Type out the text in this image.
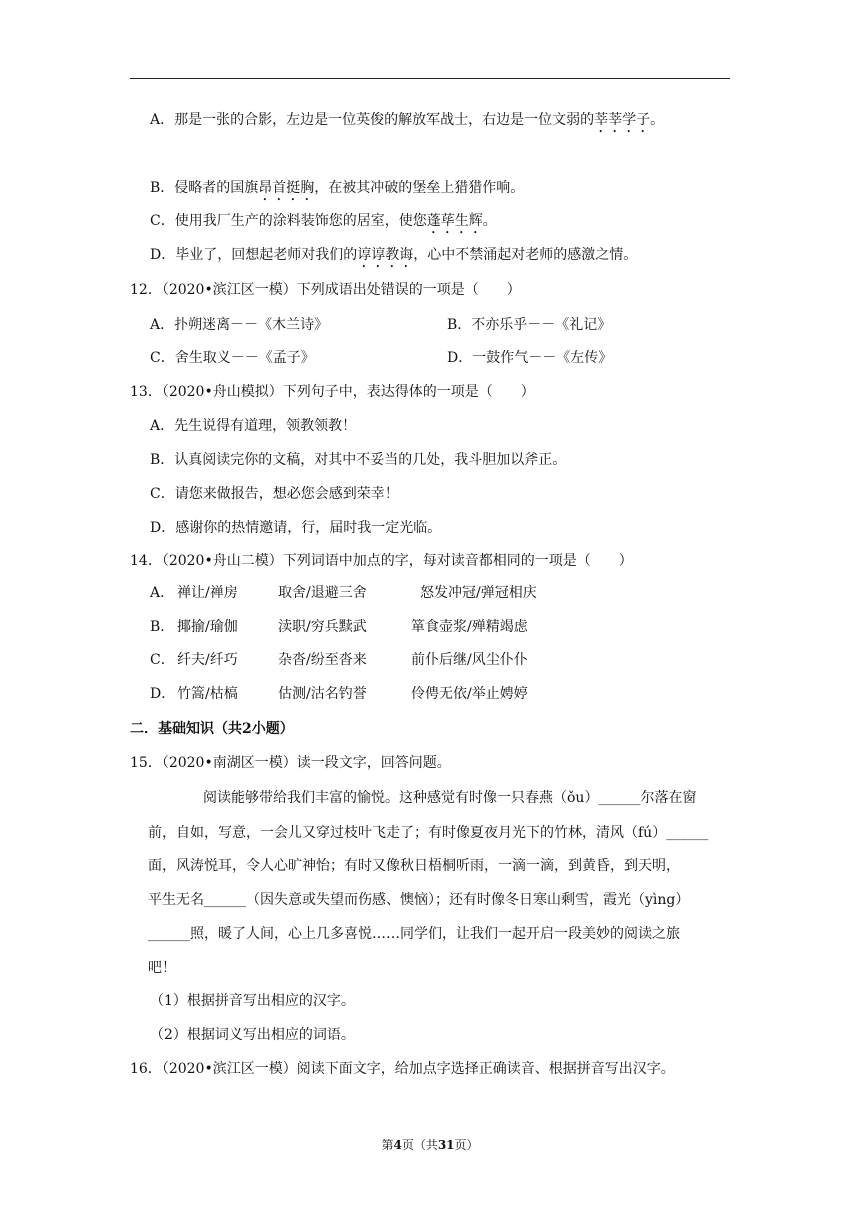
A．那是一张的合影，左边是一位英俊的解放军战士，右边是一位文弱的莘莘学子。
B．侵略者的国旗昂首挺胸，在被其冲破的堡垒上猎猎作响。
C．使用我厂生产的涂料装饰您的居室，使您蓬荜生辉。
D．毕业了，回想起老师对我们的谆谆教诲，心中不禁涌起对老师的感激之情。
12．（2020•滨江区一模）下列成语出处错误的一项是（　　）
A．扑朔迷离－－《木兰诗》	B．不亦乐乎－－《礼记》
C．舍生取义－－《孟子》	D．一鼓作气－－《左传》
13．（2020•舟山模拟）下列句子中，表达得体的一项是（　　）
A．先生说得有道理，领教领教！
B．认真阅读完你的文稿，对其中不妥当的几处，我斗胆加以斧正。
C．请您来做报告，想必您会感到荣幸！
D．感谢你的热情邀请，行，届时我一定光临。
14．（2020•舟山二模）下列词语中加点的字，每对读音都相同的一项是（　　）
A． 禅让/禅房	取舍/退避三舍	怒发冲冠/弹冠相庆
B． 揶揄/瑜伽	渎职/穷兵黩武	箪食壶浆/殚精竭虑
C． 纤夫/纤巧	杂沓/纷至沓来	前仆后继/风尘仆仆
D． 竹篙/枯槁	估测/沽名钓誉	伶俜无依/举止娉婷
二．基础知识（共2小题）
15．（2020•南湖区一模）读一段文字，回答问题。
阅读能够带给我们丰富的愉悦。这种感觉有时像一只春燕（ǒu）______尔落在窗
前，自如，写意，一会儿又穿过枝叶飞走了；有时像夏夜月光下的竹林，清风（fú）______
面，风涛悦耳，令人心旷神怡；有时又像秋日梧桐听雨，一滴一滴，到黄昏，到天明，
平生无名______（因失意或失望而伤感、懊恼）；还有时像冬日寒山剩雪，霞光（yìng）
______照，暖了人间，心上几多喜悦……同学们，让我们一起开启一段美妙的阅读之旅
吧！
（1）根据拼音写出相应的汉字。
（2）根据词义写出相应的词语。
16．（2020•滨江区一模）阅读下面文字，给加点字选择正确读音、根据拼音写出汉字。
第4页（共31页）
